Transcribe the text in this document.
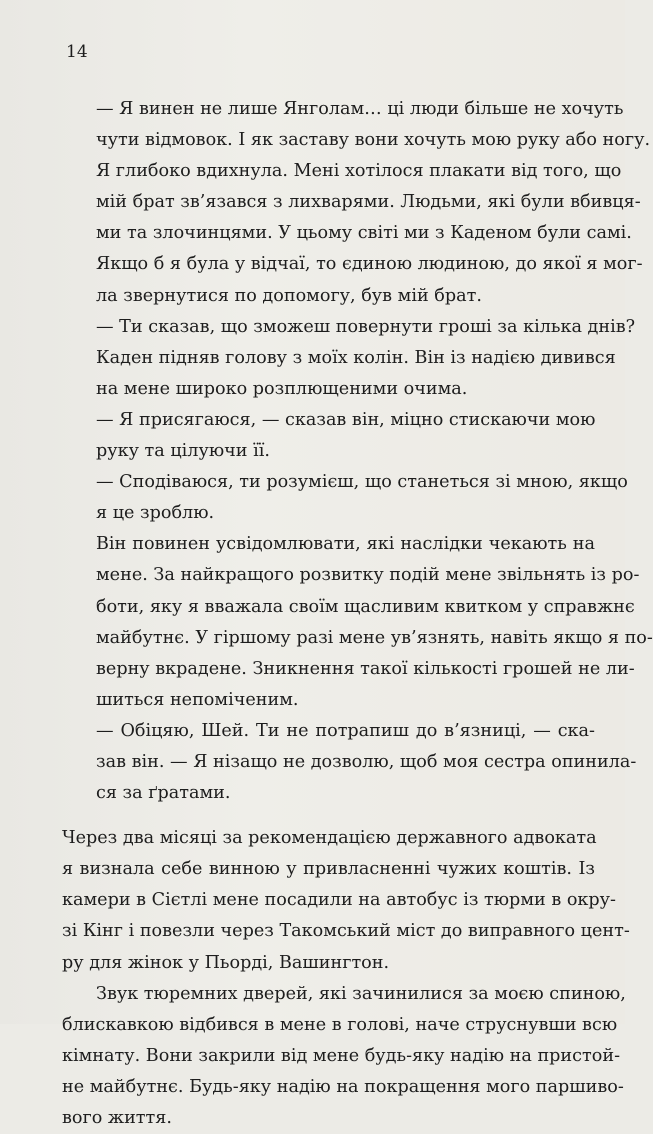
14
— Я винен не лише Янголам… ці люди більше не хочуть
чути відмовок. І як заставу вони хочуть мою руку або ногу.
Я глибоко вдихнула. Мені хотілося плакати від того, що
мій брат зв’язався з лихварями. Людьми, які були вбивця-
ми та злочинцями. У цьому світі ми з Каденом були самі.
Якщо б я була у відчаї, то єдиною людиною, до якої я мог-
ла звернутися по допомогу, був мій брат.
— Ти сказав, що зможеш повернути гроші за кілька днів?
Каден підняв голову з моїх колін. Він із надією дивився
на мене широко розплющеними очима.
— Я присягаюся, — сказав він, міцно стискаючи мою
руку та цілуючи її.
— Сподіваюся, ти розумієш, що станеться зі мною, якщо
я це зроблю.
Він повинен усвідомлювати, які наслідки чекають на
мене. За найкращого розвитку подій мене звільнять із ро-
боти, яку я вважала своїм щасливим квитком у справжнє
майбутнє. У гіршому разі мене ув’язнять, навіть якщо я по-
верну вкрадене. Зникнення такої кількості грошей не ли-
шиться непоміченим.
— Обіцяю, Шей. Ти не потрапиш до в’язниці, — ска-
зав він. — Я нізащо не дозволю, щоб моя сестра опинила-
ся за ґратами.
Через два місяці за рекомендацією державного адвоката
я визнала себе винною у привласненні чужих коштів. Із
камери в Сієтлі мене посадили на автобус із тюрми в окру-
зі Кінг і повезли через Такомський міст до виправного цент-
ру для жінок у Пьорді, Вашингтон.
Звук тюремних дверей, які зачинилися за моєю спиною,
блискавкою відбився в мене в голові, наче струснувши всю
кімнату. Вони закрили від мене будь-яку надію на пристой-
не майбутнє. Будь-яку надію на покращення мого паршиво-
вого життя.
